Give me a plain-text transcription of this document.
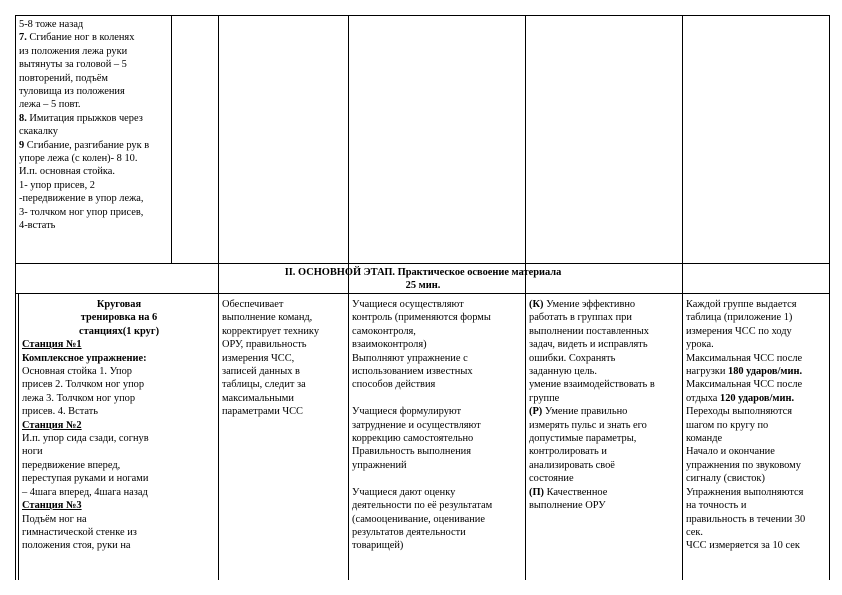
5-8 тоже назад
7. Сгибание ног в коленях
из положения лежа руки
вытянуты за головой – 5
повторений, подъём
туловища из положения
лежа – 5 повт.
8. Имитация прыжков через
скакалку
9 Сгибание, разгибание рук в
упоре лежа (с колен)- 8 10.
И.п. основная стойка.
1- упор присев, 2
-передвижение в упор лежа,
3- толчком ног упор присев,
4-встать
II. ОСНОВНОЙ ЭТАП. Практическое освоение материала
25 мин.
Круговая
тренировка на 6
станциях(1 круг)
Станция №1
Комплексное упражнение:
Основная стойка 1. Упор
присев 2. Толчком ног упор
лежа 3. Толчком ног упор
присев. 4. Встать
Станция №2
И.п. упор сида сзади, согнув
ноги
передвижение вперед,
переступая руками и ногами
– 4шага вперед, 4шага назад
Станция №3
Подъём ног на
гимнастической стенке из
положения стоя, руки на
Обеспечивает
выполнение команд,
корректирует технику
ОРУ, правильность
измерения ЧСС,
записей данных в
таблицы, следит за
максимальными
параметрами ЧСС
Учащиеся осуществляют
контроль (применяются формы
самоконтроля,
взаимоконтроля)
Выполняют упражнение с
использованием известных
способов действия

Учащиеся формулируют
затруднение и осуществляют
коррекцию самостоятельно
Правильность выполнения
упражнений

Учащиеся дают оценку
деятельности по её результатам
(самооценивание, оценивание
результатов деятельности
товарищей)
(К) Умение эффективно
работать в группах при
выполнении поставленных
задач, видеть и исправлять
ошибки. Сохранять
заданную цель.
умение взаимодействовать в
группе
(Р) Умение правильно
измерять пульс и знать его
допустимые параметры,
контролировать и
анализировать своё
состояние
(П) Качественное
выполнение ОРУ
Каждой группе выдается
таблица (приложение 1)
измерения ЧСС по ходу
урока.
Максимальная ЧСС после
нагрузки 180 ударов/мин.
Максимальная ЧСС после
отдыха 120 ударов/мин.
Переходы выполняются
шагом по кругу по
команде
Начало и окончание
упражнения по звуковому
сигналу (свисток)
Упражнения выполняются
на точность и
правильность в течении 30
сек.
ЧСС измеряется за 10 сек
